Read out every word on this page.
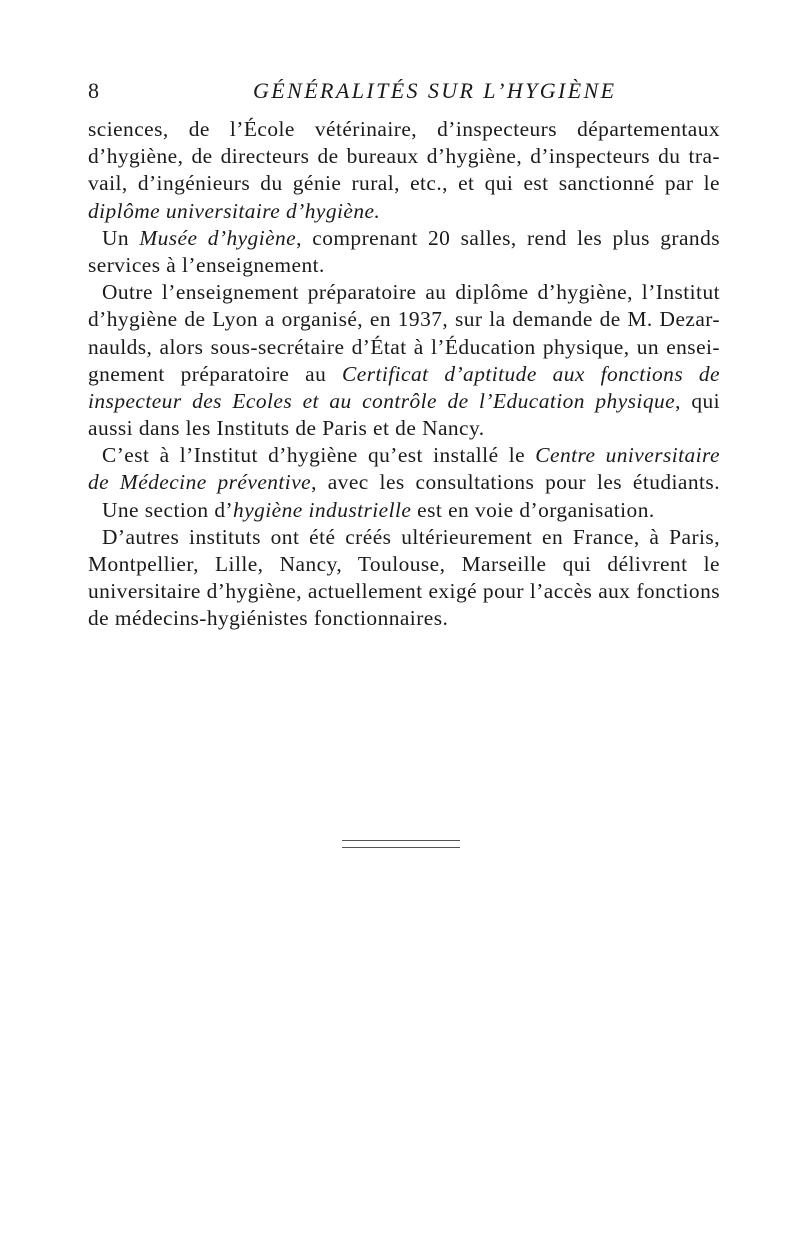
8	GÉNÉRALITÉS SUR L’HYGIÈNE
sciences, de l’École vétérinaire, d’inspecteurs départementaux
d’hygiène, de directeurs de bureaux d’hygiène, d’inspecteurs du tra-
vail, d’ingénieurs du génie rural, etc., et qui est sanctionné par le
diplôme universitaire d’hygiène.
Un Musée d’hygiène, comprenant 20 salles, rend les plus grands
services à l’enseignement.
Outre l’enseignement préparatoire au diplôme d’hygiène, l’Institut
d’hygiène de Lyon a organisé, en 1937, sur la demande de M. Dezar-
naulds, alors sous-secrétaire d’État à l’Éducation physique, un ensei-
gnement préparatoire au Certificat d’aptitude aux fonctions de
inspecteur des Ecoles et au contrôle de l’Education physique, qui
aussi dans les Instituts de Paris et de Nancy.
C’est à l’Institut d’hygiène qu’est installé le Centre universitaire
de Médecine préventive, avec les consultations pour les étudiants.
Une section d’hygiène industrielle est en voie d’organisation.
D’autres instituts ont été créés ultérieurement en France, à Paris,
Montpellier, Lille, Nancy, Toulouse, Marseille qui délivrent le
universitaire d’hygiène, actuellement exigé pour l’accès aux fonctions
de médecins-hygiénistes fonctionnaires.
